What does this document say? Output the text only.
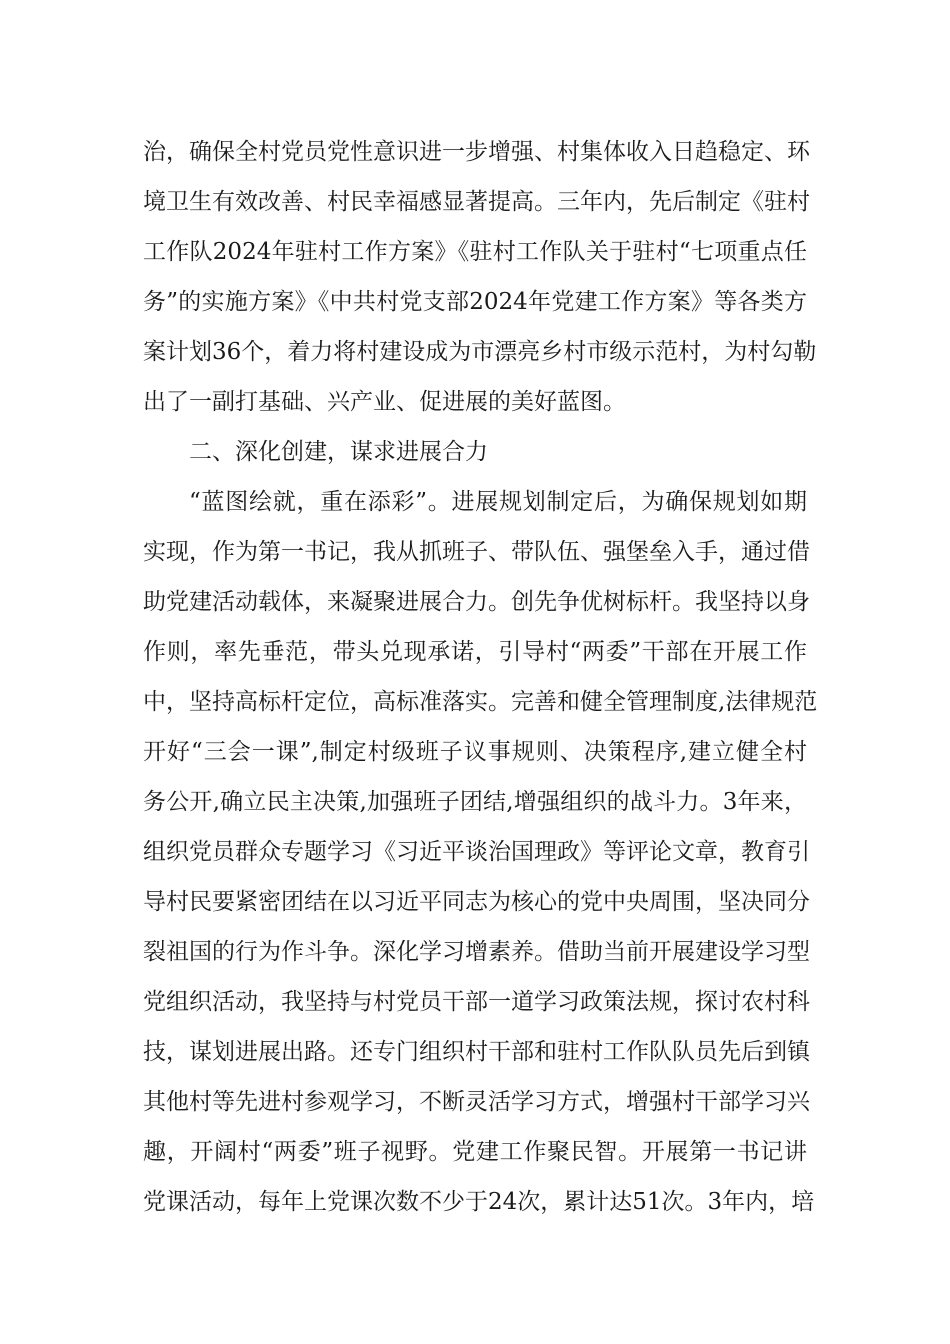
治，确保全村党员党性意识进一步增强、村集体收入日趋稳定、环
境卫生有效改善、村民幸福感显著提高。三年内，先后制定《驻村
工作队2024年驻村工作方案》《驻村工作队关于驻村“七项重点任
务”的实施方案》《中共村党支部2024年党建工作方案》等各类方
案计划36个，着力将村建设成为市漂亮乡村市级示范村，为村勾勒
出了一副打基础、兴产业、促进展的美好蓝图。
二、深化创建，谋求进展合力
“蓝图绘就，重在添彩”。进展规划制定后，为确保规划如期
实现，作为第一书记，我从抓班子、带队伍、强堡垒入手，通过借
助党建活动载体，来凝聚进展合力。创先争优树标杆。我坚持以身
作则，率先垂范，带头兑现承诺，引导村“两委”干部在开展工作
中，坚持高标杆定位，高标准落实。完善和健全管理制度,法律规范
开好“三会一课”,制定村级班子议事规则、决策程序,建立健全村
务公开,确立民主决策,加强班子团结,增强组织的战斗力。3年来，
组织党员群众专题学习《习近平谈治国理政》等评论文章，教育引
导村民要紧密团结在以习近平同志为核心的党中央周围，坚决同分
裂祖国的行为作斗争。深化学习增素养。借助当前开展建设学习型
党组织活动，我坚持与村党员干部一道学习政策法规，探讨农村科
技，谋划进展出路。还专门组织村干部和驻村工作队队员先后到镇
其他村等先进村参观学习，不断灵活学习方式，增强村干部学习兴
趣，开阔村“两委”班子视野。党建工作聚民智。开展第一书记讲
党课活动，每年上党课次数不少于24次，累计达51次。3年内，培
